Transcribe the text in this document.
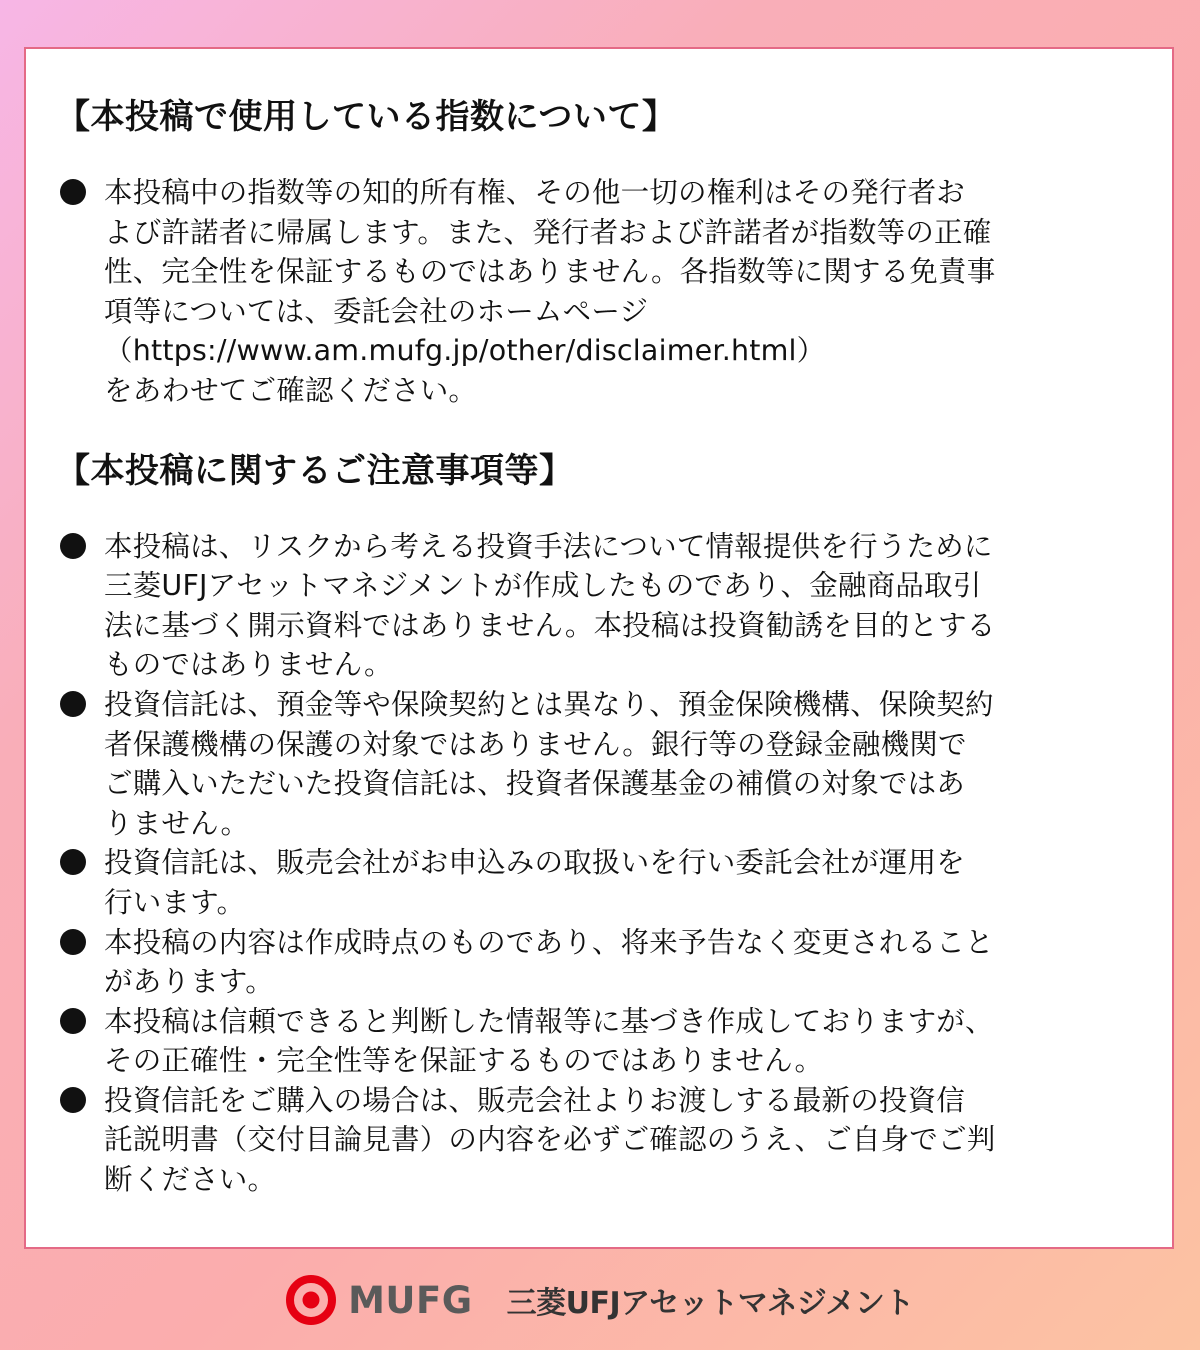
【本投稿で使用している指数について】
本投稿中の指数等の知的所有権、その他一切の権利はその発行者お
よび許諾者に帰属します。また、発行者および許諾者が指数等の正確
性、完全性を保証するものではありません。各指数等に関する免責事
項等については、委託会社のホームページ
（https://www.am.mufg.jp/other/disclaimer.html）
をあわせてご確認ください。
【本投稿に関するご注意事項等】
本投稿は、リスクから考える投資手法について情報提供を行うために
三菱UFJアセットマネジメントが作成したものであり、金融商品取引
法に基づく開示資料ではありません。本投稿は投資勧誘を目的とする
ものではありません。
投資信託は、預金等や保険契約とは異なり、預金保険機構、保険契約
者保護機構の保護の対象ではありません。銀行等の登録金融機関で
ご購入いただいた投資信託は、投資者保護基金の補償の対象ではあ
りません。
投資信託は、販売会社がお申込みの取扱いを行い委託会社が運用を
行います。
本投稿の内容は作成時点のものであり、将来予告なく変更されること
があります。
本投稿は信頼できると判断した情報等に基づき作成しておりますが、
その正確性・完全性等を保証するものではありません。
投資信託をご購入の場合は、販売会社よりお渡しする最新の投資信
託説明書（交付目論見書）の内容を必ずご確認のうえ、ご自身でご判
断ください。
MUFG 三菱UFJアセットマネジメント
